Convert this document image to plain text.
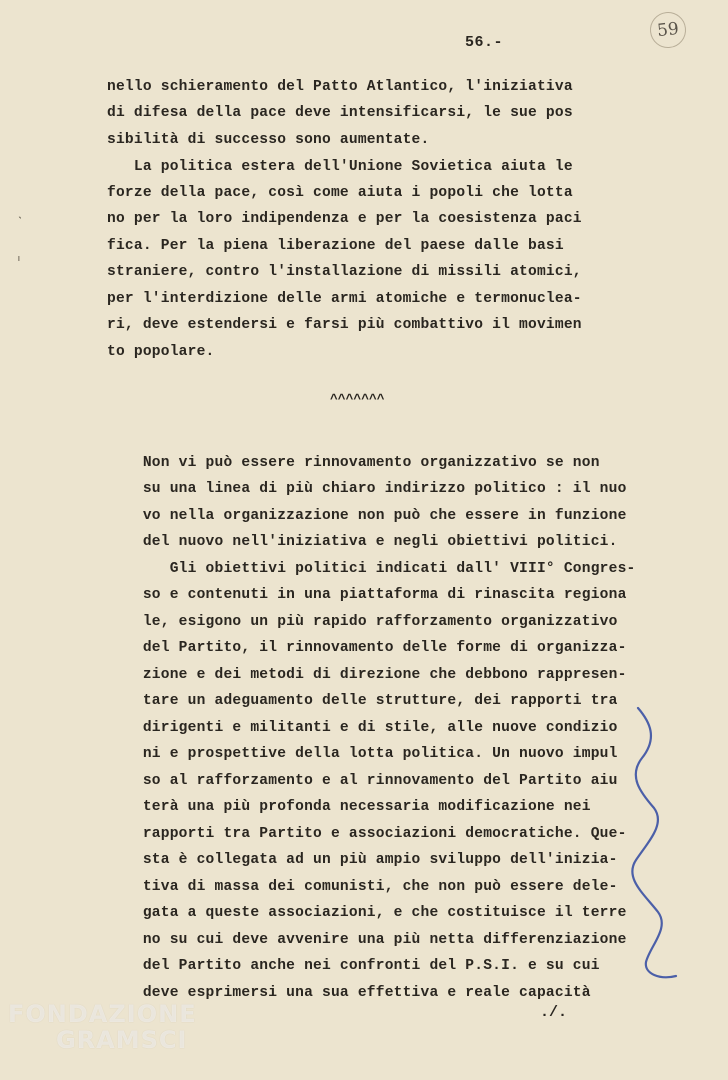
56.-
59
ˎ
ᶦ
nello schieramento del Patto Atlantico, l'iniziativa
di difesa della pace deve intensificarsi, le sue pos
sibilità di successo sono aumentate.
La politica estera dell'Unione Sovietica aiuta le
forze della pace, così come aiuta i popoli che lotta
no per la loro indipendenza e per la coesistenza paci
fica. Per la piena liberazione del paese dalle basi
straniere, contro l'installazione di missili atomici,
per l'interdizione delle armi atomiche e termonuclea-
ri, deve estendersi e farsi più combattivo il movimen
to popolare.
^^^^^^^
Non vi può essere rinnovamento organizzativo se non
su una linea di più chiaro indirizzo politico : il nuo
vo nella organizzazione non può che essere in funzione
del nuovo nell'iniziativa e negli obiettivi politici.
Gli obiettivi politici indicati dall' VIII° Congres-
so e contenuti in una piattaforma di rinascita regiona
le, esigono un più rapido rafforzamento organizzativo
del Partito, il rinnovamento delle forme di organizza-
zione e dei metodi di direzione che debbono rappresen-
tare un adeguamento delle strutture, dei rapporti tra
dirigenti e militanti e di stile, alle nuove condizio
ni e prospettive della lotta politica. Un nuovo impul
so al rafforzamento e al rinnovamento del Partito aiu
terà una più profonda necessaria modificazione nei
rapporti tra Partito e associazioni democratiche. Que-
sta è collegata ad un più ampio sviluppo dell'inizia-
tiva di massa dei comunisti, che non può essere dele-
gata a queste associazioni, e che costituisce il terre
no su cui deve avvenire una più netta differenziazione
del Partito anche nei confronti del P.S.I. e su cui
deve esprimersi una sua effettiva e reale capacità
./.
FONDAZIONE
GRAMSCI
